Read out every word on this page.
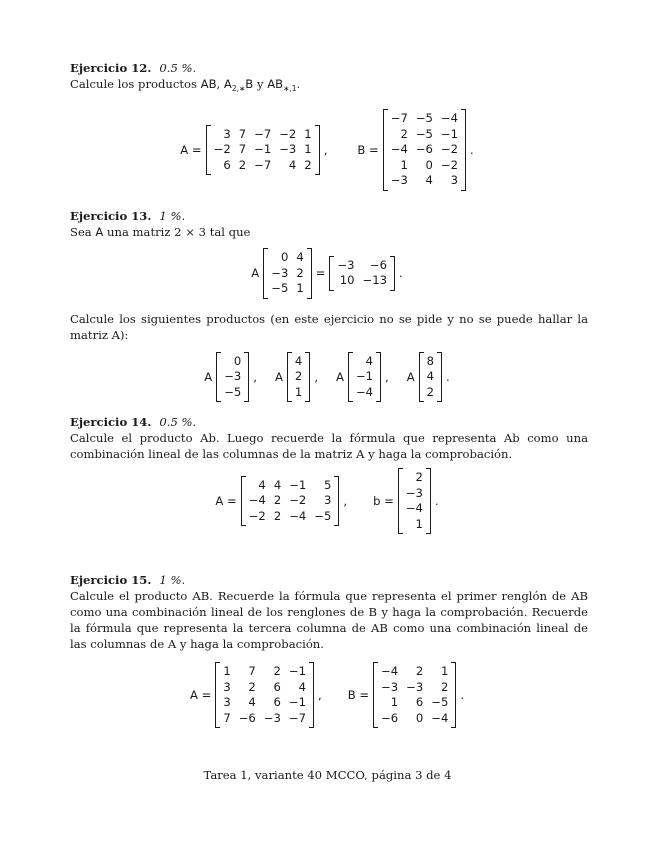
Ejercicio 12. 0.5 %.
Calcule los productos AB, $A_{2,∗}B$ y $AB_{∗,1}$.
A =
3 7 −7 −2 1
−2 7 −1 −3 1
6 2 −7	4 2
,	B =
−7 −5 −4
2 −5 −1
−4 −6 −2
1	0 −2
−3	4	3
.
Ejercicio 13. 1 %.
Sea A una matriz 2 × 3 tal que
A
0 4
−3 2
−5 1
=
−3	−6
10 −13 .
Calcule los siguientes productos (en este ejercicio no se pide y no se puede hallar la matriz A):
A
0
−3
−5
, A
4
2
1
, A
4
−1
−4
, A
8
4
2
.
Ejercicio 14. 0.5 %.
Calcule el producto Ab. Luego recuerde la fórmula que representa Ab como una combinación lineal de las columnas de la matriz A y haga la comprobación.
A =
4 4 −1	5
−4 2 −2	3
−2 2 −4 −5
, b =
2
−3
−4
1
.
Ejercicio 15. 1 %.
Calcule el producto AB. Recuerde la fórmula que representa el primer renglón de AB como una combinación lineal de los renglones de B y haga la comprobación. Recuerde la fórmula que representa la tercera columna de AB como una combinación lineal de las columnas de A y haga la comprobación.
A =
1	7	2 −1
3	2	6	4
3	4	6 −1
7 −6 −3 −7
, B =
−4	2	1
−3 −3	2
1	6 −5
−6	0 −4
.
Tarea 1, variante 40 MCCO, página 3 de 4
